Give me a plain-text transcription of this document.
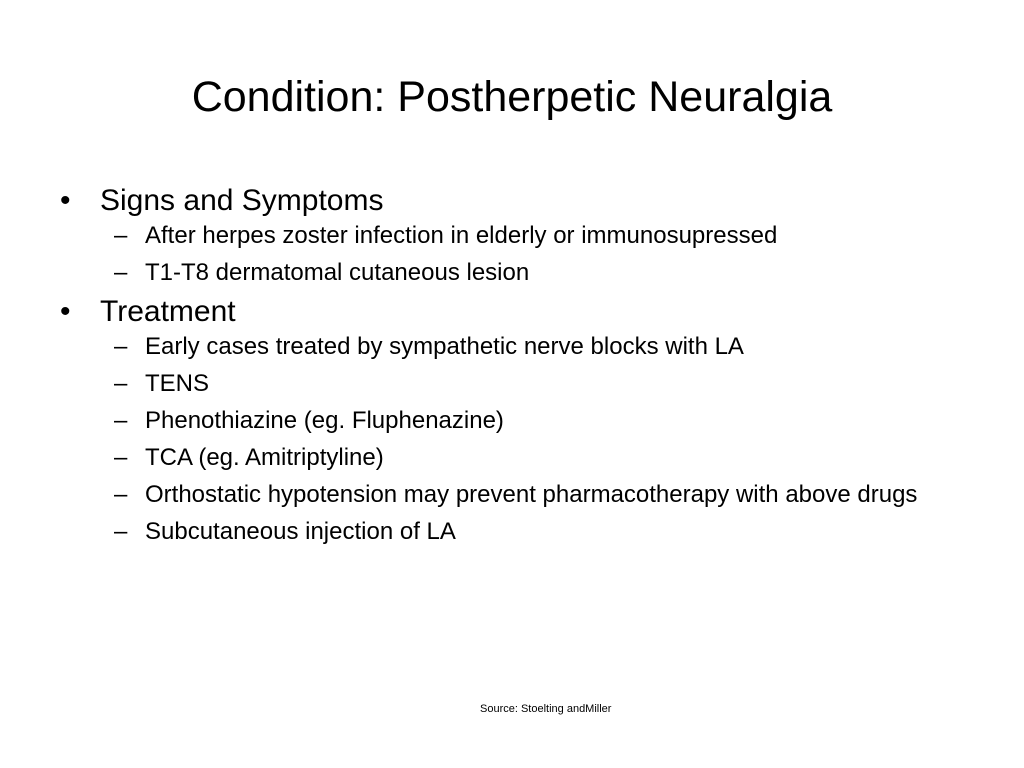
Condition: Postherpetic Neuralgia
• Signs and Symptoms
– After herpes zoster infection in elderly or immunosupressed
– T1-T8 dermatomal cutaneous lesion
• Treatment
– Early cases treated by sympathetic nerve blocks with LA
– TENS
– Phenothiazine (eg. Fluphenazine)
– TCA (eg. Amitriptyline)
– Orthostatic hypotension may prevent pharmacotherapy with above drugs
– Subcutaneous injection of LA
Source: Stoelting andMiller
